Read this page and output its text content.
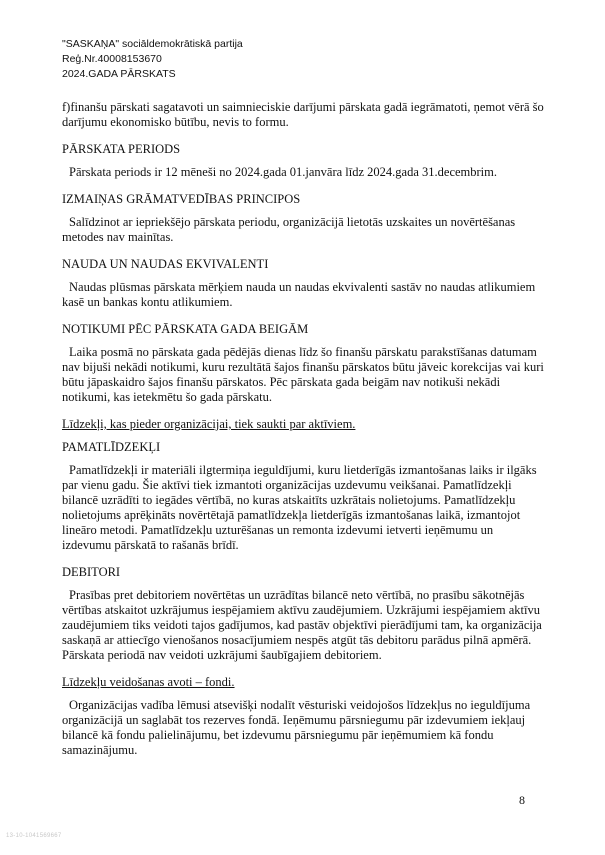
"SASKAŅA" sociāldemokrātiskā partija
Reģ.Nr.40008153670
2024.GADA PĀRSKATS

f)finanšu pārskati sagatavoti un saimnieciskie darījumi pārskata gadā iegrāmatoti, ņemot vērā šo darījumu ekonomisko būtību, nevis to formu.

PĀRSKATA PERIODS

Pārskata periods ir 12 mēneši no 2024.gada 01.janvāra līdz 2024.gada 31.decembrim.

IZMAIŅAS GRĀMATVEDĪBAS PRINCIPOS

Salīdzinot ar iepriekšējo pārskata periodu, organizācijā lietotās uzskaites un novērtēšanas metodes nav mainītas.

NAUDA UN NAUDAS EKVIVALENTI

Naudas plūsmas pārskata mērķiem nauda un naudas ekvivalenti sastāv no naudas atlikumiem kasē un bankas kontu atlikumiem.

NOTIKUMI PĒC PĀRSKATA GADA BEIGĀM

Laika posmā no pārskata gada pēdējās dienas līdz šo finanšu pārskatu parakstīšanas datumam nav bijuši nekādi notikumi, kuru rezultātā šajos finanšu pārskatos būtu jāveic korekcijas vai kuri būtu jāpaskaidro šajos finanšu pārskatos. Pēc pārskata gada beigām nav notikuši nekādi notikumi, kas ietekmētu šo gada pārskatu.

Līdzekļi, kas pieder organizācijai, tiek saukti par aktīviem.
PAMATLĪDZEKĻI

Pamatlīdzekļi ir materiāli ilgtermiņa ieguldījumi, kuru lietderīgās izmantošanas laiks ir ilgāks par vienu gadu. Šie aktīvi tiek izmantoti organizācijas uzdevumu veikšanai. Pamatlīdzekļi bilancē uzrādīti to iegādes vērtībā, no kuras atskaitīts uzkrātais nolietojums. Pamatlīdzekļu nolietojums aprēķināts novērtētajā pamatlīdzekļa lietderīgās izmantošanas laikā, izmantojot lineāro metodi. Pamatlīdzekļu uzturēšanas un remonta izdevumi ietverti ieņēmumu un izdevumu pārskatā to rašanās brīdī.

DEBITORI

Prasības pret debitoriem novērtētas un uzrādītas bilancē neto vērtībā, no prasību sākotnējās vērtības atskaitot uzkrājumus iespējamiem aktīvu zaudējumiem. Uzkrājumi iespējamiem aktīvu zaudējumiem tiks veidoti tajos gadījumos, kad pastāv objektīvi pierādījumi tam, ka organizācija saskaņā ar attiecīgo vienošanos nosacījumiem nespēs atgūt tās debitoru parādus pilnā apmērā. Pārskata periodā nav veidoti uzkrājumi šaubīgajiem debitoriem.

Līdzekļu veidošanas avoti – fondi.

Organizācijas vadība lēmusi atsevišķi nodalīt vēsturiski veidojošos līdzekļus no ieguldījuma organizācijā un saglabāt tos rezerves fondā. Ieņēmumu pārsniegumu pār izdevumiem iekļauj bilancē kā fondu palielinājumu, bet izdevumu pārsniegumu pār ieņēmumiem kā fondu samazinājumu.

8
13-10-1041569667
